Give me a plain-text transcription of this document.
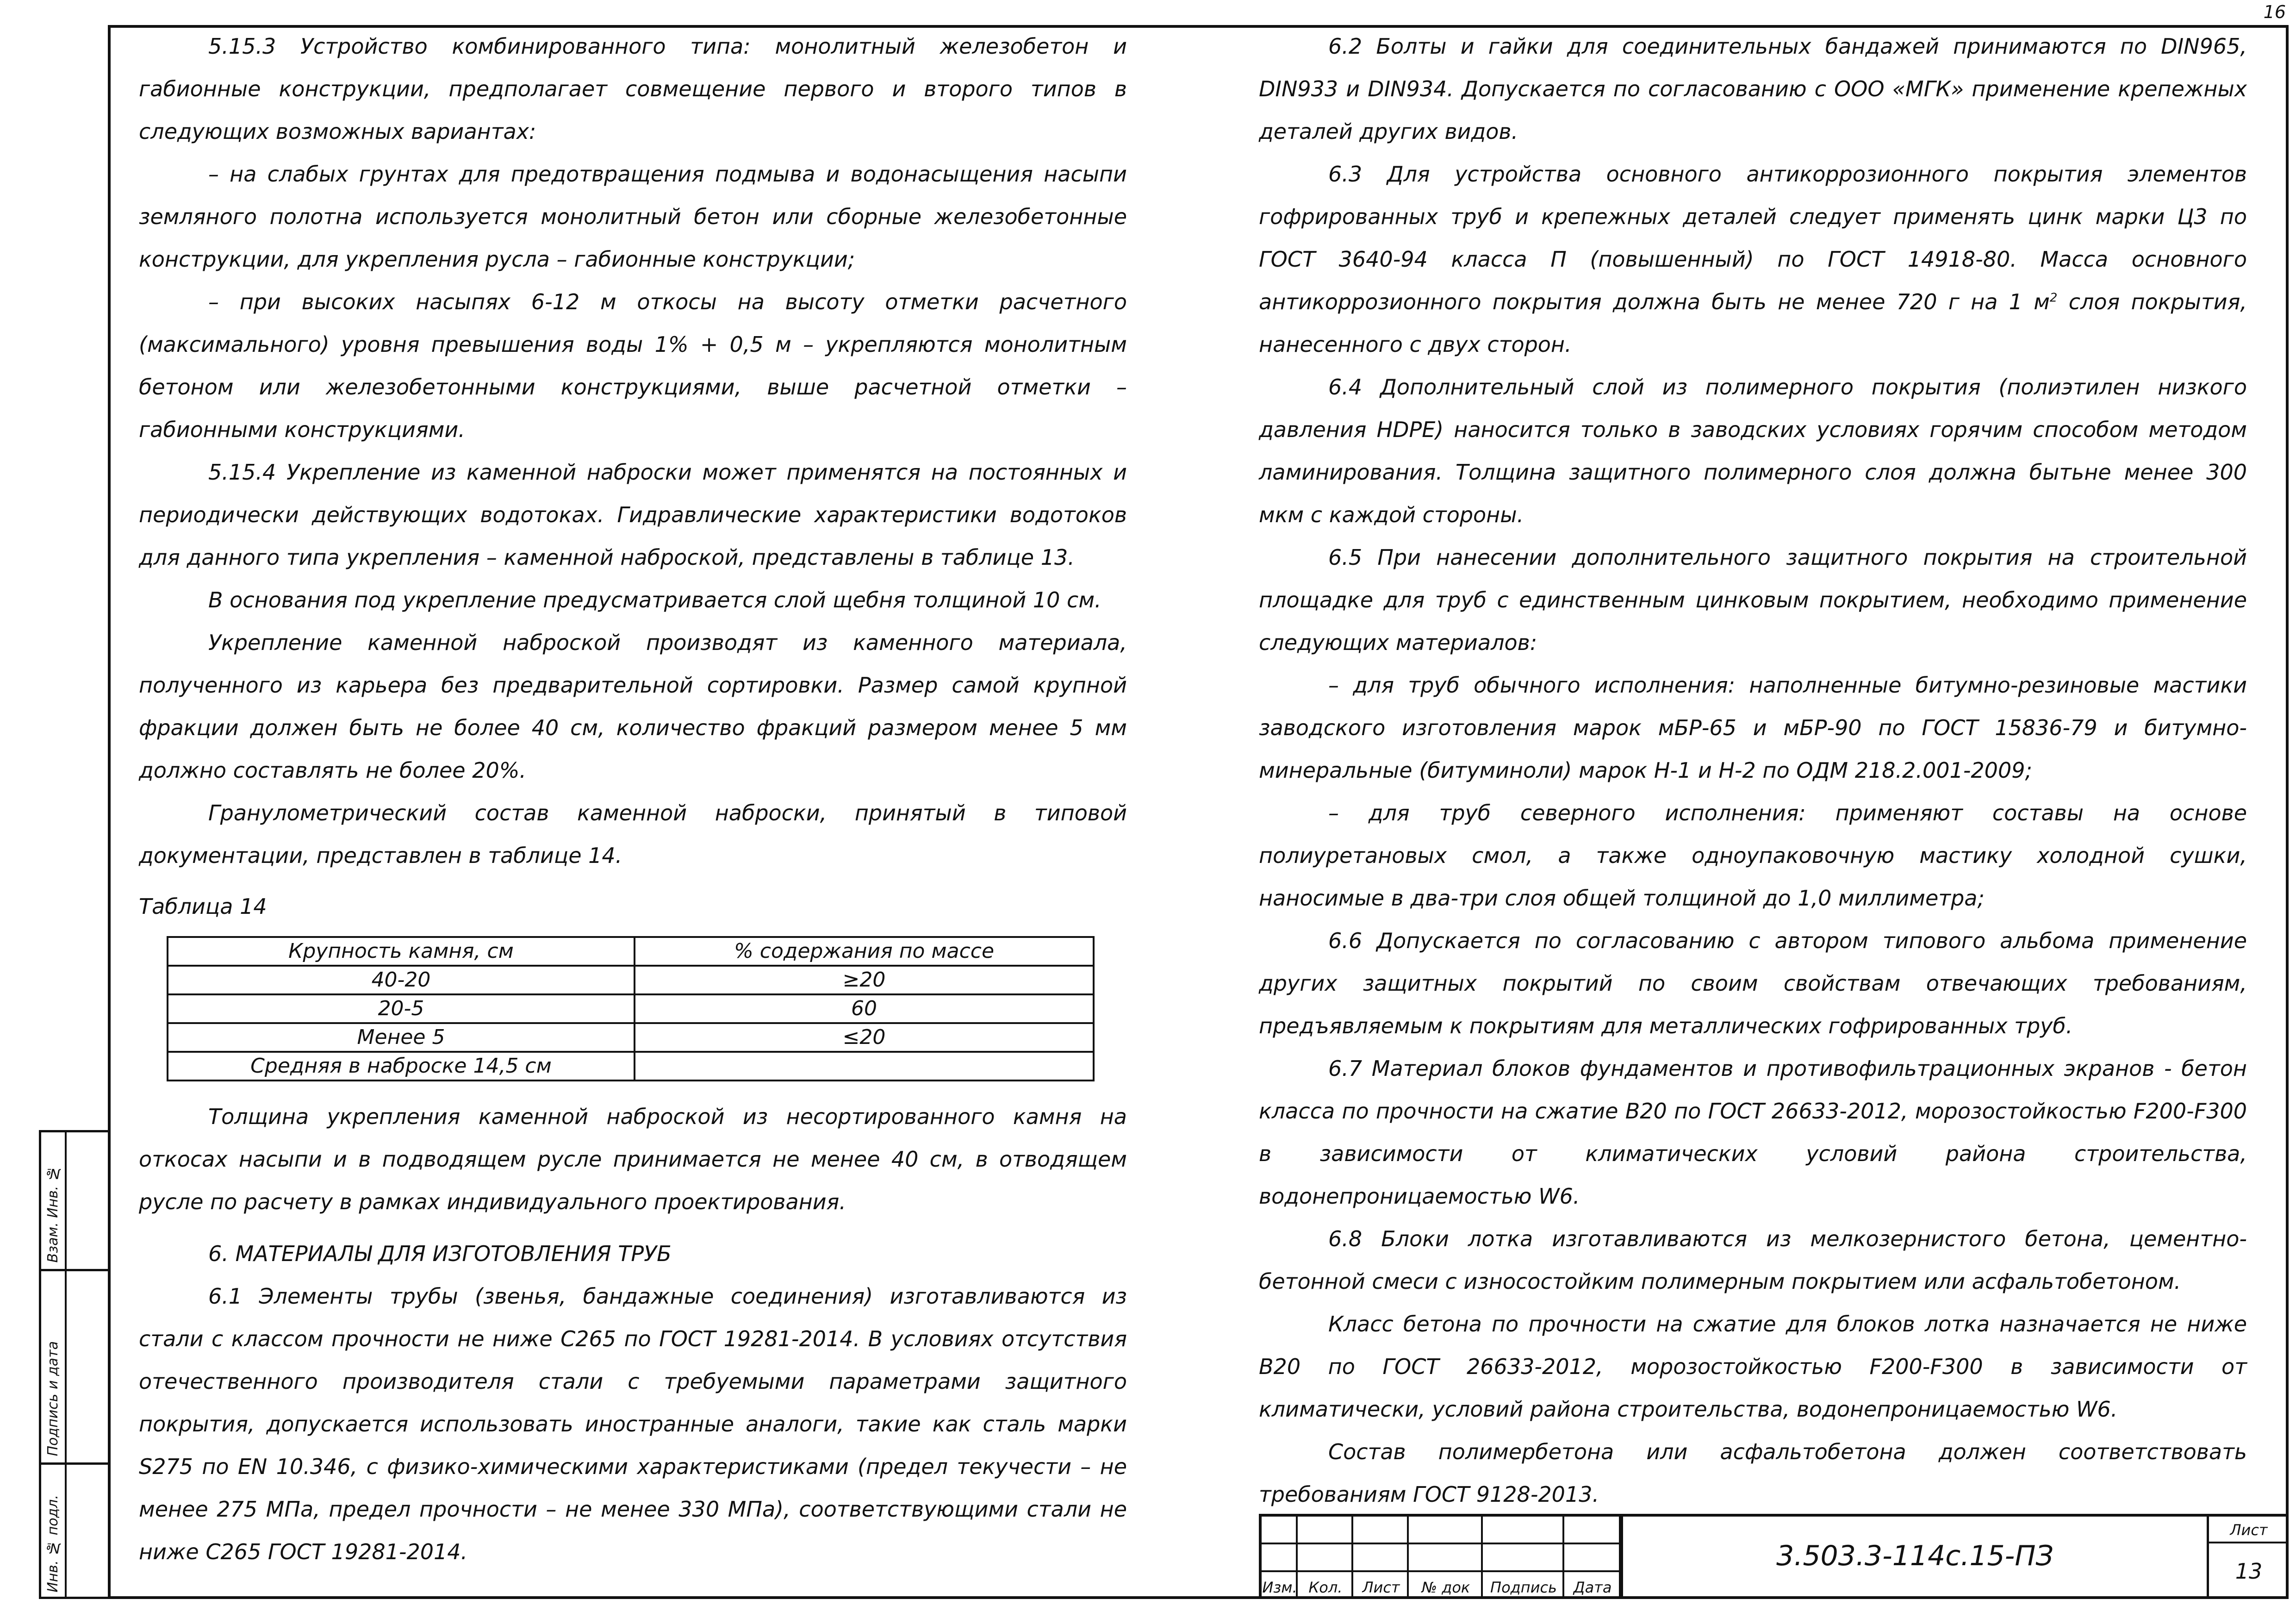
16
Взам. Инв. №
Подпись и дата
Инв. № подл.

5.15.3 Устройство комбинированного типа: монолитный железобетон и габионные конструкции, предполагает совмещение первого и второго типов в следующих возможных вариантах:

– на слабых грунтах для предотвращения подмыва и водонасыщения насыпи земляного полотна используется монолитный бетон или сборные железобетонные конструкции, для укрепления русла – габионные конструкции;

– при высоких насыпях 6-12 м откосы на высоту отметки расчетного (максимального) уровня превышения воды 1% + 0,5 м – укрепляются монолитным бетоном или железобетонными конструкциями, выше расчетной отметки – габионными конструкциями.

5.15.4 Укрепление из каменной наброски может применятся на постоянных и периодически действующих водотоках. Гидравлические характеристики водотоков для данного типа укрепления – каменной наброской, представлены в таблице 13.

В основания под укрепление предусматривается слой щебня толщиной 10 см.

Укрепление каменной наброской производят из каменного материала, полученного из карьера без предварительной сортировки. Размер самой крупной фракции должен быть не более 40 см, количество фракций размером менее 5 мм должно составлять не более 20%.

Гранулометрический состав каменной наброски, принятый в типовой документации, представлен в таблице 14.

Таблица 14

Крупность камня, см	% содержания по массе
40-20	≥20
20-5	60
Менее 5	≤20
Средняя в наброске 14,5 см	

Толщина укрепления каменной наброской из несортированного камня на откосах насыпи и в подводящем русле принимается не менее 40 см, в отводящем русле по расчету в рамках индивидуального проектирования.

6. МАТЕРИАЛЫ ДЛЯ ИЗГОТОВЛЕНИЯ ТРУБ

6.1 Элементы трубы (звенья, бандажные соединения) изготавливаются из стали с классом прочности не ниже С265 по ГОСТ 19281-2014. В условиях отсутствия отечественного производителя стали с требуемыми параметрами защитного покрытия, допускается использовать иностранные аналоги, такие как сталь марки S275 по EN 10.346, с физико-химическими характеристиками (предел текучести – не менее 275 МПа, предел прочности – не менее 330 МПа), соответствующими стали не ниже С265 ГОСТ 19281-2014.

6.2 Болты и гайки для соединительных бандажей принимаются по DIN965, DIN933 и DIN934. Допускается по согласованию с ООО «МГК» применение крепежных деталей других видов.

6.3 Для устройства основного антикоррозионного покрытия элементов гофрированных труб и крепежных деталей следует применять цинк марки Ц3 по ГОСТ 3640-94 класса П (повышенный) по ГОСТ 14918-80. Масса основного антикоррозионного покрытия должна быть не менее 720 г на 1 $м^2$ слоя покрытия, нанесенного с двух сторон.

6.4 Дополнительный слой из полимерного покрытия (полиэтилен низкого давления HDPE) наносится только в заводских условиях горячим способом методом ламинирования. Толщина защитного полимерного слоя должна бытьне менее 300 мкм с каждой стороны.

6.5 При нанесении дополнительного защитного покрытия на строительной площадке для труб с единственным цинковым покрытием, необходимо применение следующих материалов:

– для труб обычного исполнения: наполненные битумно-резиновые мастики заводского изготовления марок мБР-65 и мБР-90 по ГОСТ 15836-79 и битумно-минеральные (битуминоли) марок Н-1 и Н-2 по ОДМ 218.2.001-2009;

– для труб северного исполнения: применяют составы на основе полиуретановых смол, а также одноупаковочную мастику холодной сушки, наносимые в два-три слоя общей толщиной до 1,0 миллиметра;

6.6 Допускается по согласованию с автором типового альбома применение других защитных покрытий по своим свойствам отвечающих требованиям, предъявляемым к покрытиям для металлических гофрированных труб.

6.7 Материал блоков фундаментов и противофильтрационных экранов - бетон класса по прочности на сжатие В20 по ГОСТ 26633-2012, морозостойкостью F200-F300 в зависимости от климатических условий района строительства, водонепроницаемостью W6.

6.8 Блоки лотка изготавливаются из мелкозернистого бетона, цементно-бетонной смеси с износостойким полимерным покрытием или асфальтобетоном.

Класс бетона по прочности на сжатие для блоков лотка назначается не ниже В20 по ГОСТ 26633-2012, морозостойкостью F200-F300 в зависимости от климатически, условий района строительства, водонепроницаемостью W6.

Состав полимербетона или асфальтобетона должен соответствовать требованиям ГОСТ 9128-2013.

Изм. Кол.	Лист	№ док	Подпись	Дата
3.503.3-114с.15-ПЗ
Лист
13
